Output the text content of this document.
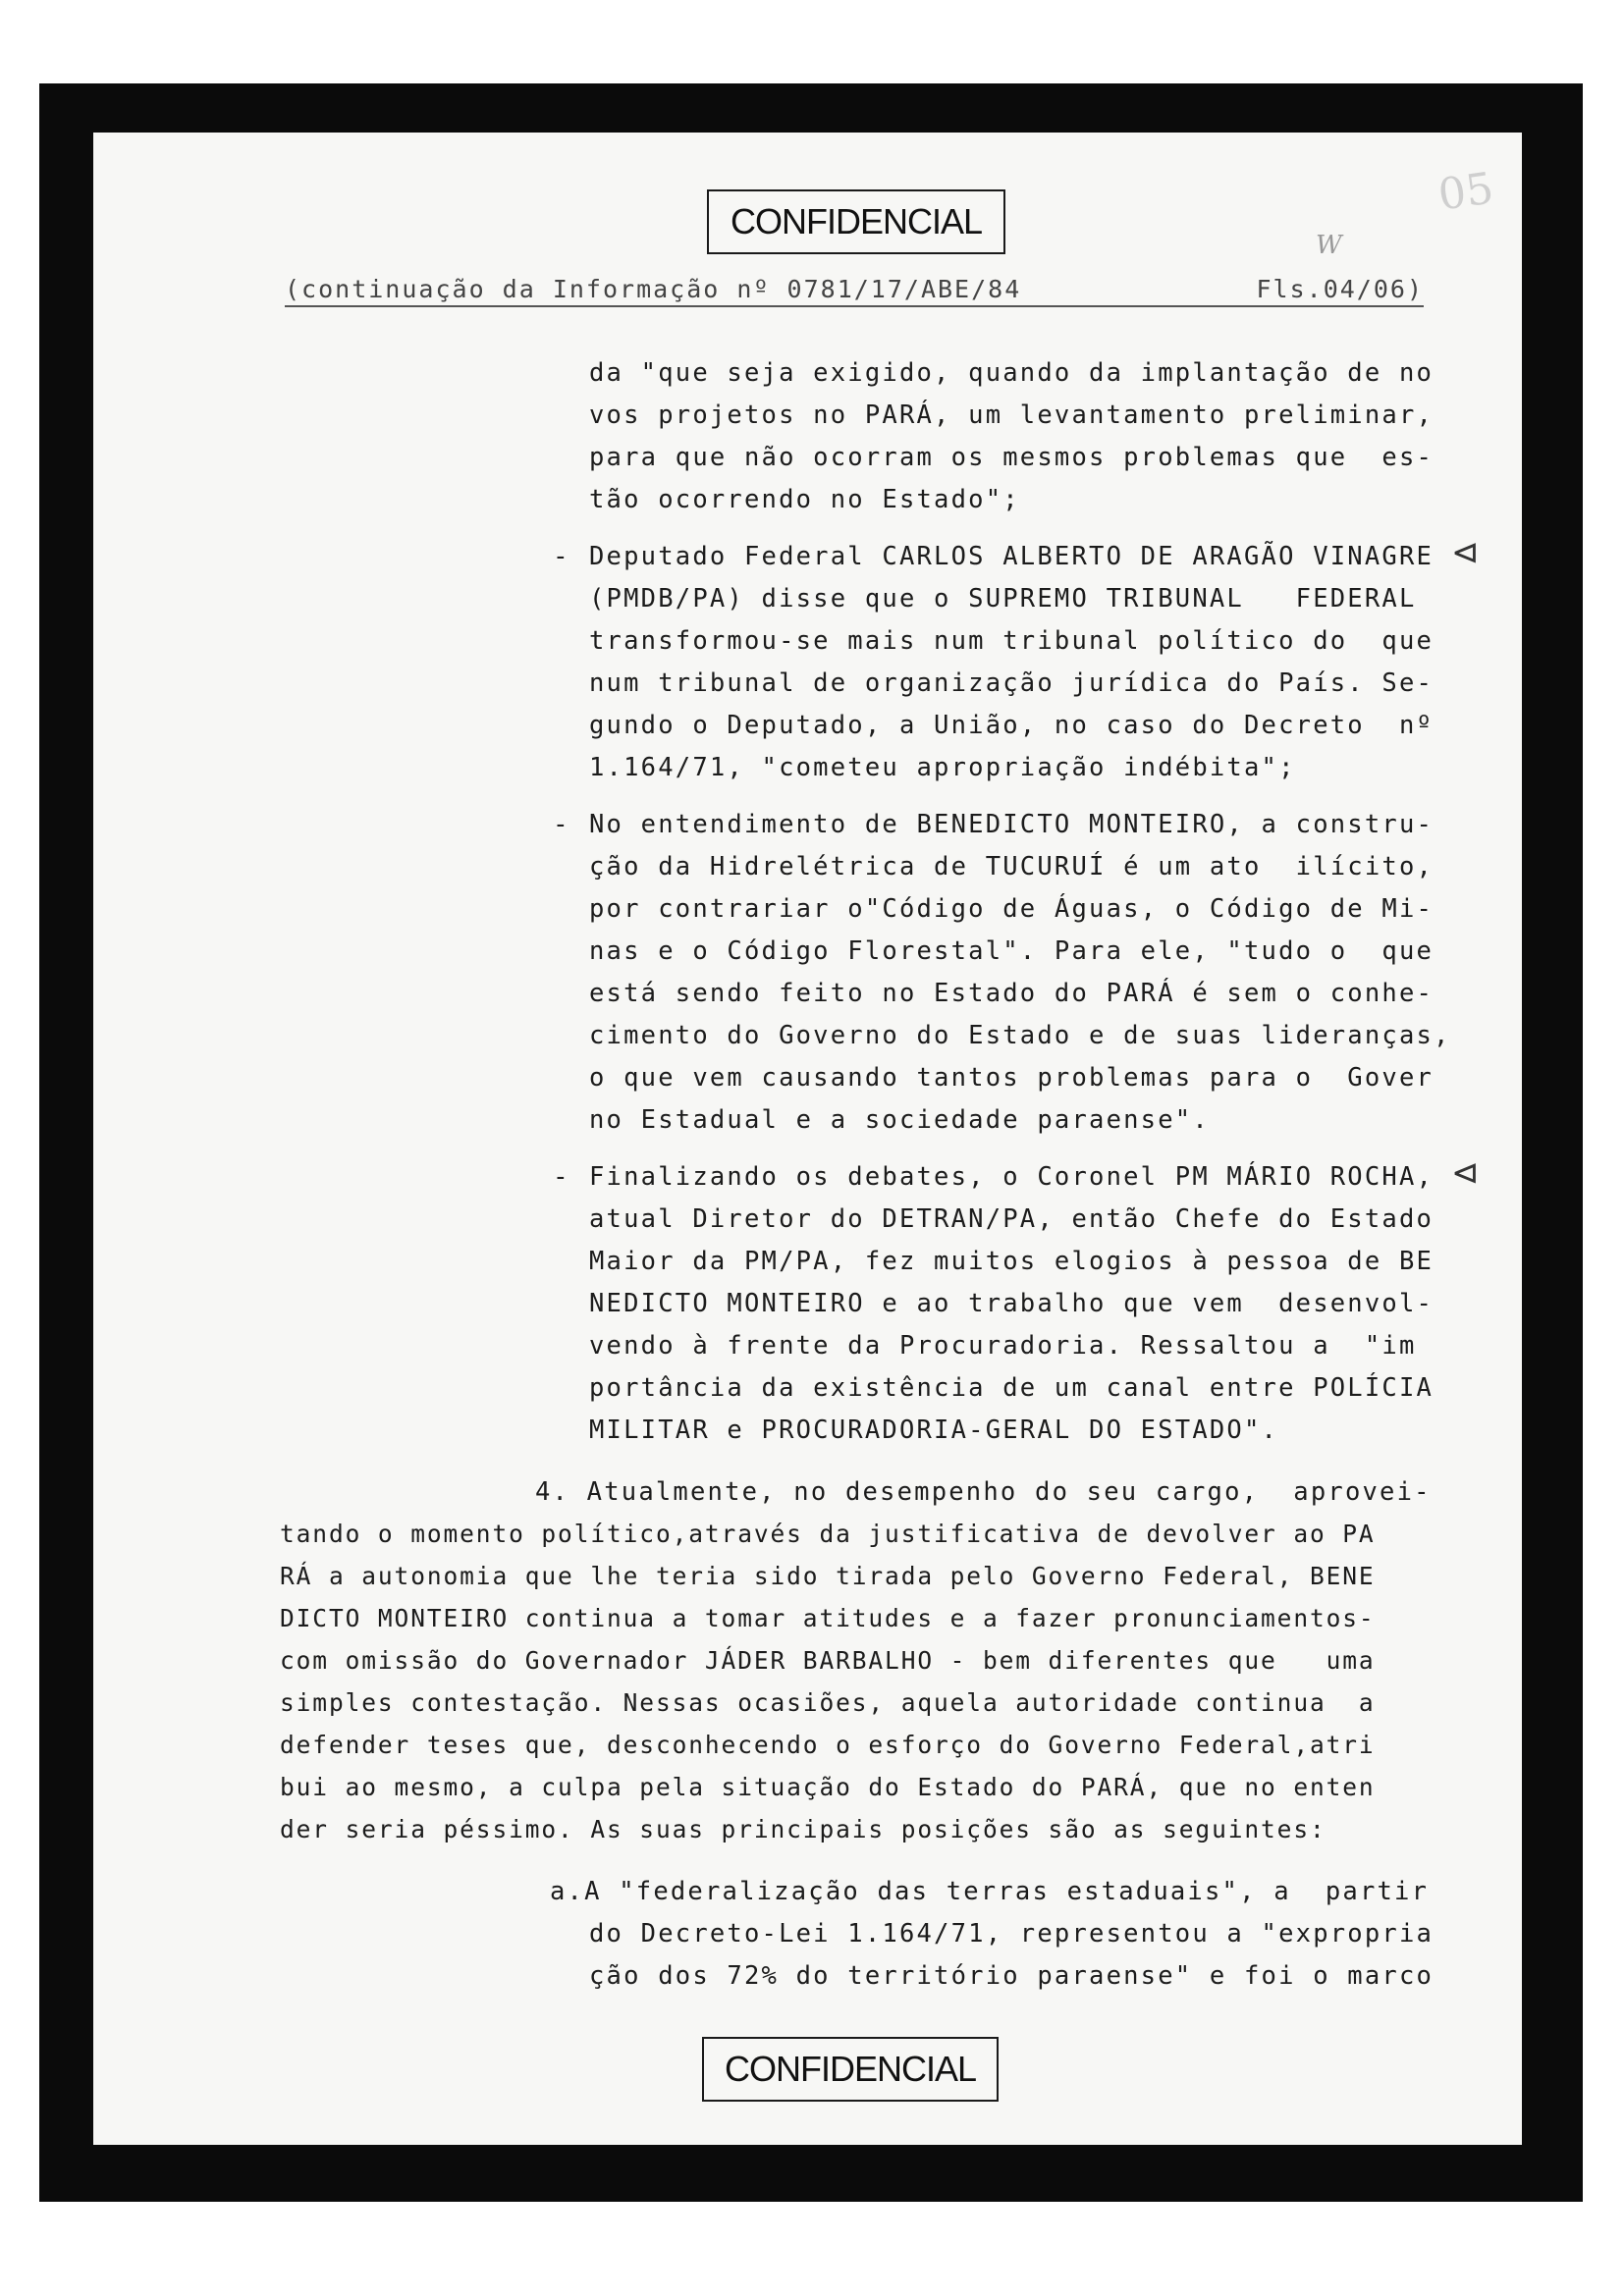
CONFIDENCIAL
05
W
(continuação da Informação nº 0781/17/ABE/84	Fls.04/06)
da "que seja exigido, quando da implantação de no
vos projetos no PARÁ, um levantamento preliminar,
para que não ocorram os mesmos problemas que  es-
tão ocorrendo no Estado";
-	⊲
Deputado Federal CARLOS ALBERTO DE ARAGÃO VINAGRE
(PMDB/PA) disse que o SUPREMO TRIBUNAL   FEDERAL
transformou-se mais num tribunal político do  que
num tribunal de organização jurídica do País. Se-
gundo o Deputado, a União, no caso do Decreto  nº
1.164/71, "cometeu apropriação indébita";
- No entendimento de BENEDICTO MONTEIRO, a constru-
ção da Hidrelétrica de TUCURUÍ é um ato  ilícito,
por contrariar o"Código de Águas, o Código de Mi-
nas e o Código Florestal". Para ele, "tudo o  que
está sendo feito no Estado do PARÁ é sem o conhe-
cimento do Governo do Estado e de suas lideranças,
o que vem causando tantos problemas para o  Gover
no Estadual e a sociedade paraense".
-	⊲
Finalizando os debates, o Coronel PM MÁRIO ROCHA,
atual Diretor do DETRAN/PA, então Chefe do Estado
Maior da PM/PA, fez muitos elogios à pessoa de BE
NEDICTO MONTEIRO e ao trabalho que vem  desenvol-
vendo à frente da Procuradoria. Ressaltou a  "im
portância da existência de um canal entre POLÍCIA
MILITAR e PROCURADORIA-GERAL DO ESTADO".
4. Atualmente, no desempenho do seu cargo,  aprovei-
tando o momento político,através da justificativa de devolver ao PA
RÁ a autonomia que lhe teria sido tirada pelo Governo Federal, BENE
DICTO MONTEIRO continua a tomar atitudes e a fazer pronunciamentos-
com omissão do Governador JÁDER BARBALHO - bem diferentes que   uma
simples contestação. Nessas ocasiões, aquela autoridade continua  a
defender teses que, desconhecendo o esforço do Governo Federal,atri
bui ao mesmo, a culpa pela situação do Estado do PARÁ, que no enten
der seria péssimo. As suas principais posições são as seguintes:
a.A "federalização das terras estaduais", a  partir
do Decreto-Lei 1.164/71, representou a "expropria
ção dos 72% do território paraense" e foi o marco
CONFIDENCIAL
